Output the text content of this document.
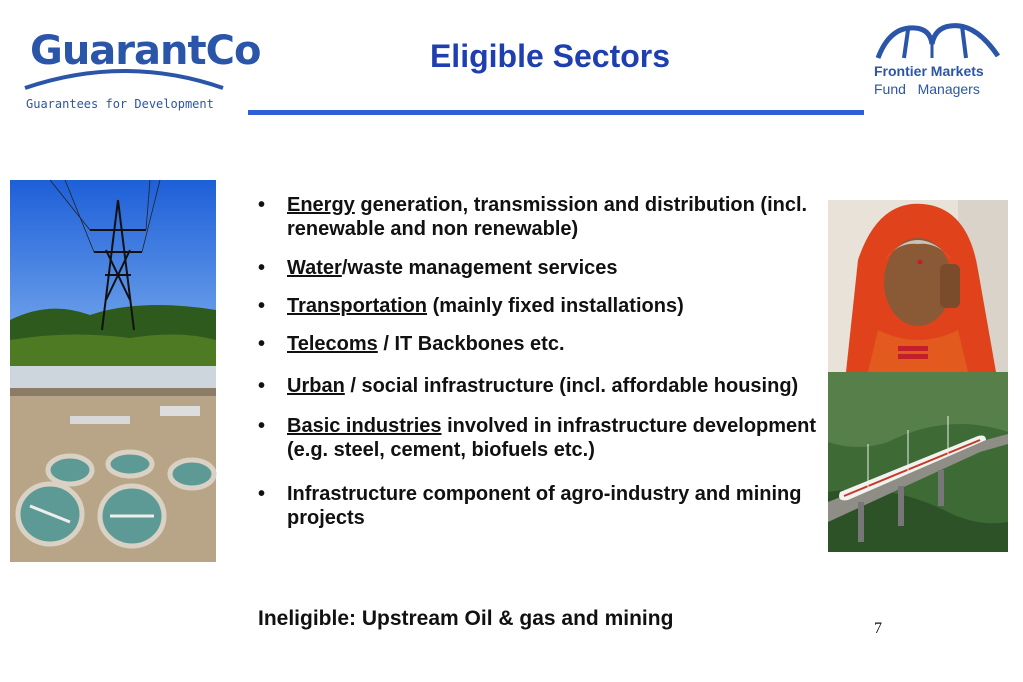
GuarantCo
Guarantees for Development
Eligible Sectors	Frontier Markets
Fund   Managers
• Energy generation, transmission and distribution (incl. renewable and non renewable)
• Water/waste management services
• Transportation (mainly fixed installations)
• Telecoms / IT Backbones etc.
• Urban / social infrastructure (incl. affordable housing)
• Basic industries involved in infrastructure development (e.g. steel, cement, biofuels etc.)
• Infrastructure component of agro-industry and mining  projects
Ineligible: Upstream Oil & gas and mining	7
